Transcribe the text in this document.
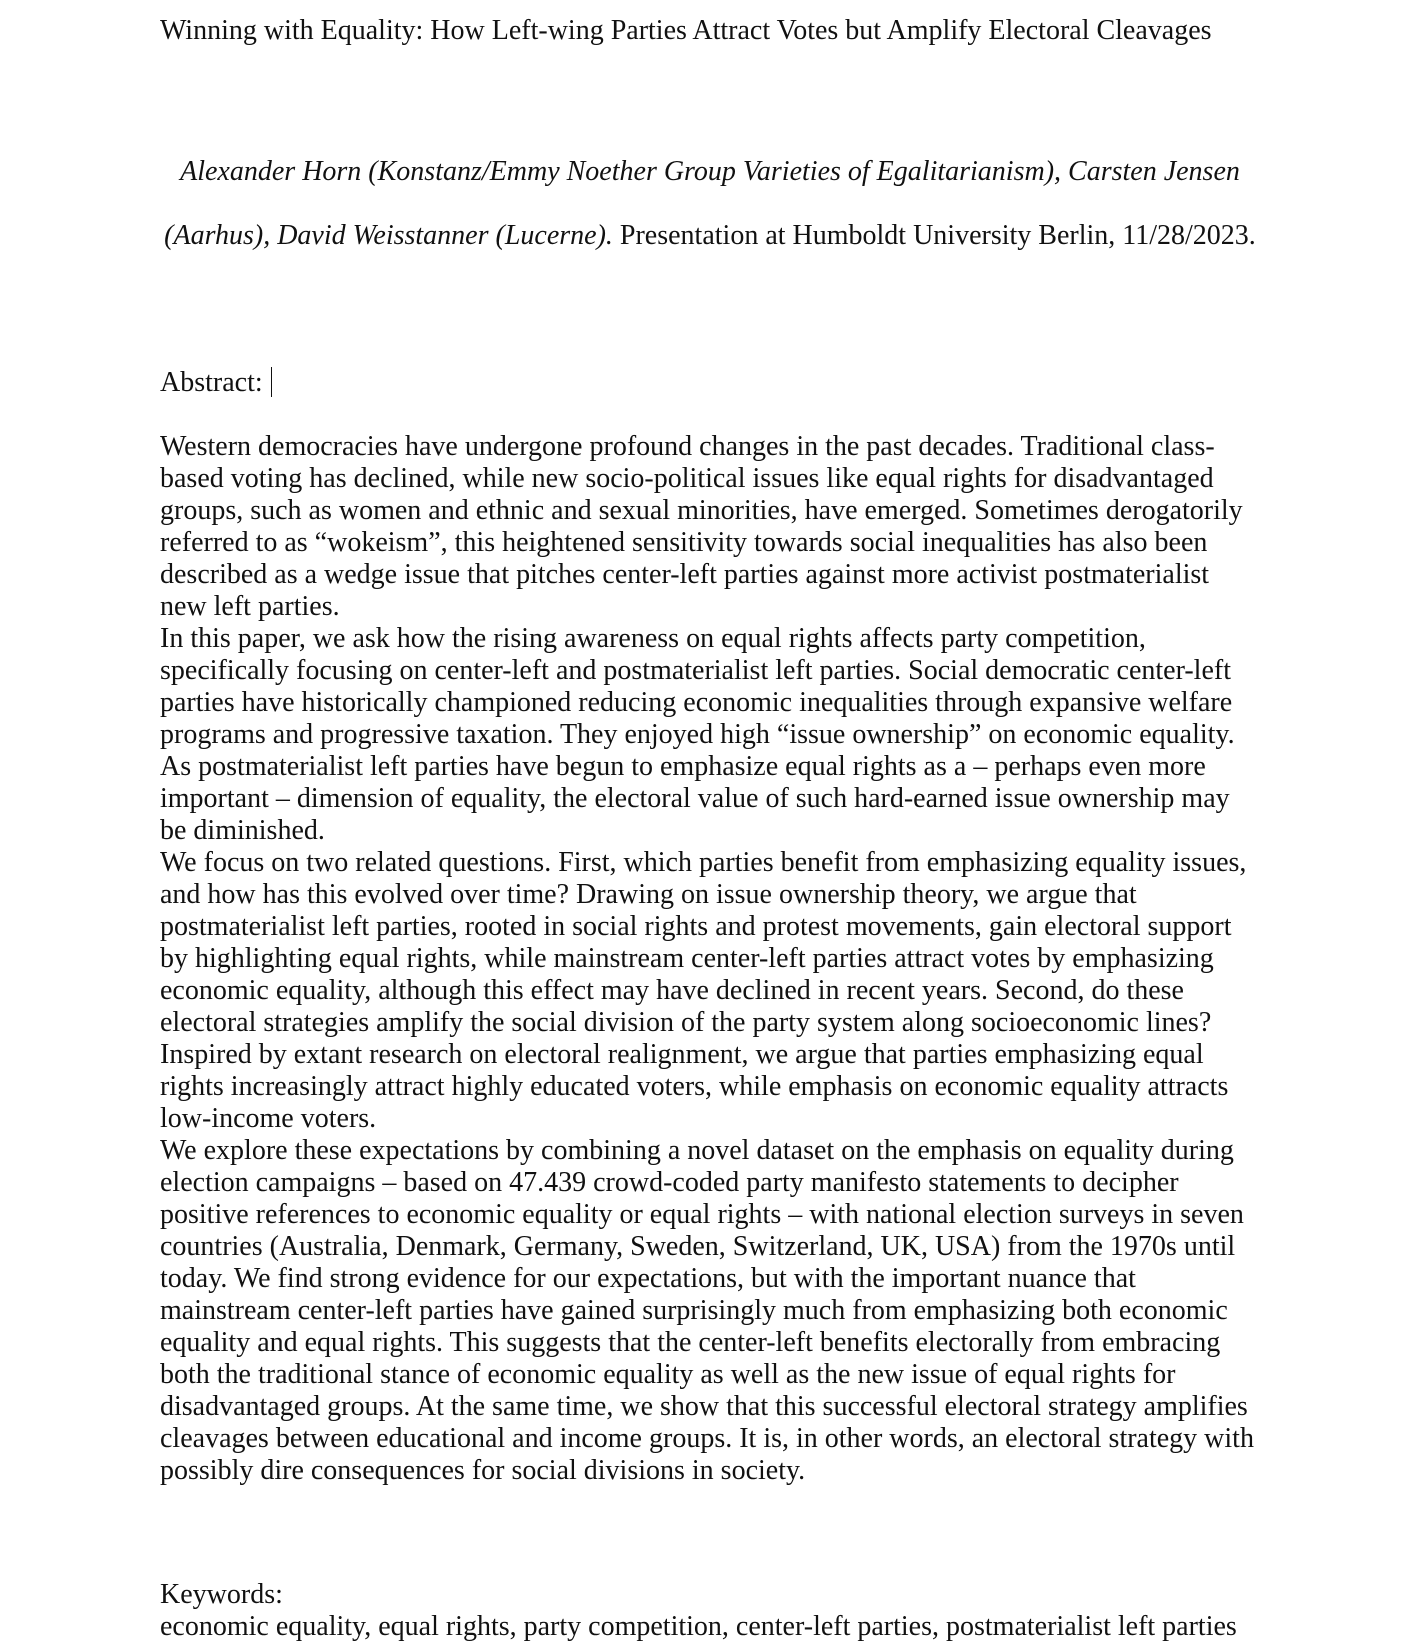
Winning with Equality: How Left-wing Parties Attract Votes but Amplify Electoral Cleavages
Alexander Horn (Konstanz/Emmy Noether Group Varieties of Egalitarianism), Carsten Jensen (Aarhus), David Weisstanner (Lucerne). Presentation at Humboldt University Berlin, 11/28/2023.
Abstract:

Western democracies have undergone profound changes in the past decades. Traditional class-based voting has declined, while new socio-political issues like equal rights for disadvantaged groups, such as women and ethnic and sexual minorities, have emerged. Sometimes derogatorily referred to as “wokeism”, this heightened sensitivity towards social inequalities has also been described as a wedge issue that pitches center-left parties against more activist postmaterialist new left parties.

In this paper, we ask how the rising awareness on equal rights affects party competition, specifically focusing on center-left and postmaterialist left parties. Social democratic center-left parties have historically championed reducing economic inequalities through expansive welfare programs and progressive taxation. They enjoyed high “issue ownership” on economic equality. As postmaterialist left parties have begun to emphasize equal rights as a – perhaps even more important – dimension of equality, the electoral value of such hard-earned issue ownership may be diminished.

We focus on two related questions. First, which parties benefit from emphasizing equality issues, and how has this evolved over time? Drawing on issue ownership theory, we argue that postmaterialist left parties, rooted in social rights and protest movements, gain electoral support by highlighting equal rights, while mainstream center-left parties attract votes by emphasizing economic equality, although this effect may have declined in recent years. Second, do these electoral strategies amplify the social division of the party system along socioeconomic lines? Inspired by extant research on electoral realignment, we argue that parties emphasizing equal rights increasingly attract highly educated voters, while emphasis on economic equality attracts low-income voters.

We explore these expectations by combining a novel dataset on the emphasis on equality during election campaigns – based on 47.439 crowd-coded party manifesto statements to decipher positive references to economic equality or equal rights – with national election surveys in seven countries (Australia, Denmark, Germany, Sweden, Switzerland, UK, USA) from the 1970s until today. We find strong evidence for our expectations, but with the important nuance that mainstream center-left parties have gained surprisingly much from emphasizing both economic equality and equal rights. This suggests that the center-left benefits electorally from embracing both the traditional stance of economic equality as well as the new issue of equal rights for disadvantaged groups. At the same time, we show that this successful electoral strategy amplifies cleavages between educational and income groups. It is, in other words, an electoral strategy with possibly dire consequences for social divisions in society.

Keywords:
economic equality, equal rights, party competition, center-left parties, postmaterialist left parties
